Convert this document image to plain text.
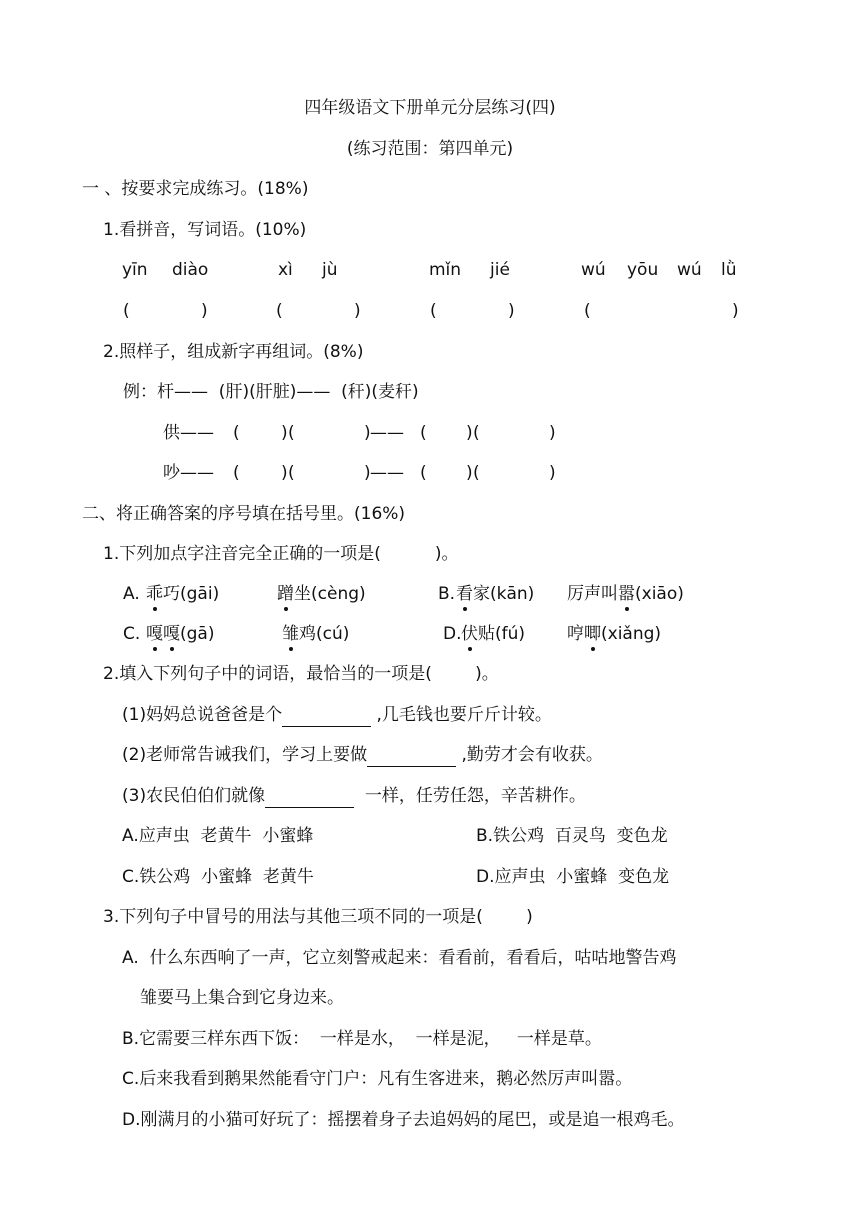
四年级语文下册单元分层练习(四)
(练习范围：第四单元)
一 、按要求完成练习。(18%)
1.看拼音，写词语。(10%)
yīn diào	xì jù	mǐn jié	wú yōu wú lǜ
(	)	(	)	(	)	(	)
2.照样子，组成新字再组词。(8%)
例：杆——  (肝)(肝脏)——  (秆)(麦秆)
供—— ( ) (	) —— ( ) (	)
吵—— ( ) (	) —— ( ) (	)
二、将正确答案的序号填在括号里。(16%)
1.下列加点字注音完全正确的一项是(          )。
A. 乖巧(gāi)	蹭坐(cèng)	B. 看家(kān) 厉声叫嚣(xiāo)
C. 嘎嘎(gā)	雏鸡(cú)	D. 伏贴(fú) 哼唧(xiǎng)
2.填入下列句子中的词语，最恰当的一项是(        )。
(1)妈妈总说爸爸是个	,几毛钱也要斤斤计较。
(2)老师常告诫我们，学习上要做	,勤劳才会有收获。
(3)农民伯伯们就像	一样，任劳任怨，辛苦耕作。
A.应声虫  老黄牛  小蜜蜂	B.铁公鸡  百灵鸟  变色龙
C.铁公鸡  小蜜蜂  老黄牛	D.应声虫  小蜜蜂  变色龙
3.下列句子中冒号的用法与其他三项不同的一项是(        )
A.  什么东西响了一声，它立刻警戒起来：看看前，看看后，咕咕地警告鸡
雏要马上集合到它身边来。
B.它需要三样东西下饭：  一样是水，  一样是泥，   一样是草。
C.后来我看到鹅果然能看守门户：凡有生客进来，鹅必然厉声叫嚣。
D.刚满月的小猫可好玩了：摇摆着身子去追妈妈的尾巴，或是追一根鸡毛。
